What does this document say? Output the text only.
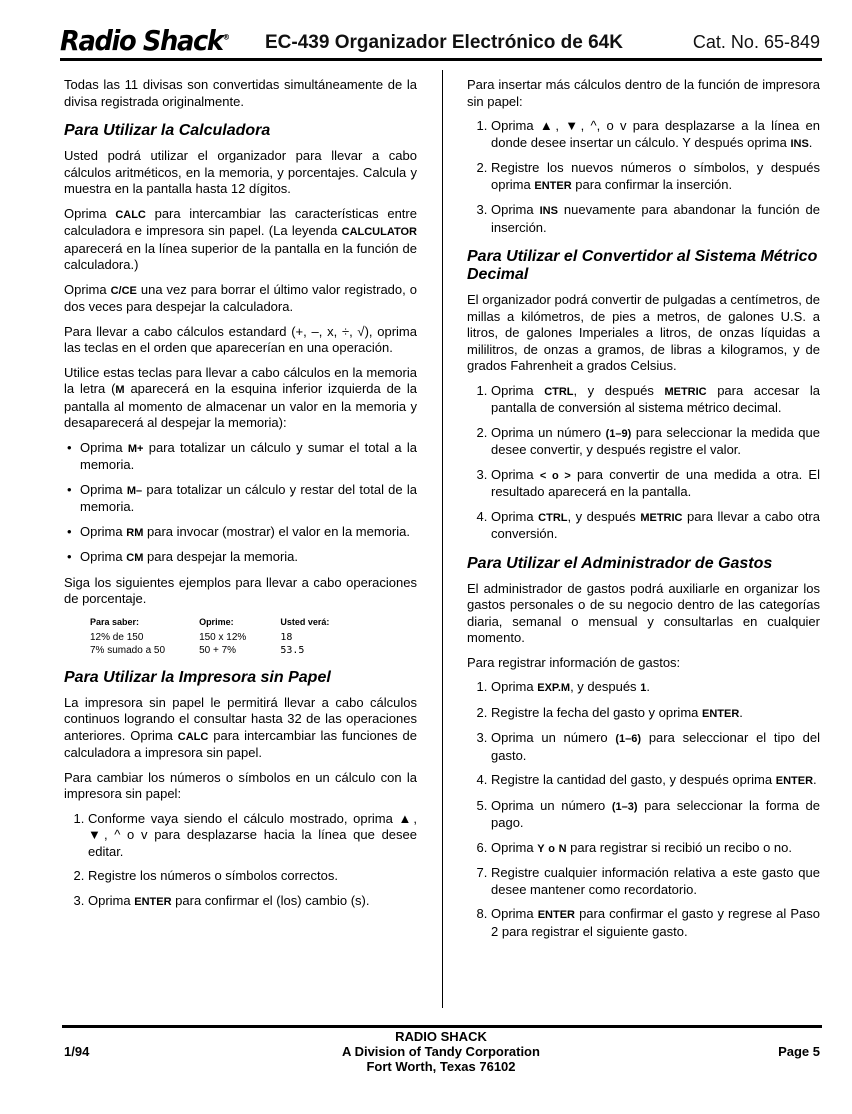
Radio Shack® EC-439 Organizador Electrónico de 64K	Cat. No. 65-849

Todas las 11 divisas son convertidas simultáneamente de la divisa registrada originalmente.

Para Utilizar la Calculadora

Usted podrá utilizar el organizador para llevar a cabo cálculos aritméticos, en la memoria, y porcentajes. Calcula y muestra en la pantalla hasta 12 dígitos.

Oprima CALC para intercambiar las características entre calculadora e impresora sin papel. (La leyenda CALCULATOR aparecerá en la línea superior de la pantalla en la función de calculadora.)

Oprima C/CE una vez para borrar el último valor registrado, o dos veces para despejar la calculadora.

Para llevar a cabo cálculos estandard (+, –, x, ÷, √), oprima las teclas en el orden que aparecerían en una operación.

Utilice estas teclas para llevar a cabo cálculos en la memoria la letra (M aparecerá en la esquina inferior izquierda de la pantalla al momento de almacenar un valor en la memoria y desaparecerá al despejar la memoria):

• Oprima M+ para totalizar un cálculo y sumar el total a la memoria.
• Oprima M– para totalizar un cálculo y restar del total de la memoria.
• Oprima RM para invocar (mostrar) el valor en la memoria.
• Oprima CM para despejar la memoria.

Siga los siguientes ejemplos para llevar a cabo operaciones de porcentaje.

Para saber:	Oprime:	Usted verá:
12% de 150	150 x 12%	18
7% sumado a 50	50 + 7%	53.5
Para Utilizar la Impresora sin Papel

La impresora sin papel le permitirá llevar a cabo cálculos continuos logrando el consultar hasta 32 de las operaciones anteriores. Oprima CALC para intercambiar las funciones de calculadora a impresora sin papel.

Para cambiar los números o símbolos en un cálculo con la impresora sin papel:

1. Conforme vaya siendo el cálculo mostrado, oprima ▲, ▼, ^ o v para desplazarse hacia la línea que desee editar.
2. Registre los números o símbolos correctos.
3. Oprima ENTER para confirmar el (los) cambio (s).

Para insertar más cálculos dentro de la función de impresora sin papel:

1. Oprima ▲, ▼, ^, o v para desplazarse a la línea en donde desee insertar un cálculo. Y después oprima INS.
2. Registre los nuevos números o símbolos, y después oprima ENTER para confirmar la inserción.
3. Oprima INS nuevamente para abandonar la función de inserción.
Para Utilizar el Convertidor al Sistema Métrico Decimal

El organizador podrá convertir de pulgadas a centímetros, de millas a kilómetros, de pies a metros, de galones U.S. a litros, de galones Imperiales a litros, de onzas líquidas a mililitros, de onzas a gramos, de libras a kilogramos, y de grados Fahrenheit a grados Celsius.

1. Oprima CTRL, y después METRIC para accesar la pantalla de conversión al sistema métrico decimal.
2. Oprima un número (1–9) para seleccionar la medida que desee convertir, y después registre el valor.
3. Oprima < o > para convertir de una medida a otra. El resultado aparecerá en la pantalla.
4. Oprima CTRL, y después METRIC para llevar a cabo otra conversión.
Para Utilizar el Administrador de Gastos

El administrador de gastos podrá auxiliarle en organizar los gastos personales o de su negocio dentro de las categorías diaria, semanal o mensual y consultarlas en cualquier momento.

Para registrar información de gastos:

1. Oprima EXP.M, y después 1.
2. Registre la fecha del gasto y oprima ENTER.
3. Oprima un número (1–6) para seleccionar el tipo del gasto.
4. Registre la cantidad del gasto, y después oprima ENTER.
5. Oprima un número (1–3) para seleccionar la forma de pago.
6. Oprima Y o N para registrar si recibió un recibo o no.
7. Registre cualquier información relativa a este gasto que desee mantener como recordatorio.
8. Oprima ENTER para confirmar el gasto y regrese al Paso 2 para registrar el siguiente gasto.
1/94
RADIO SHACK
A Division of Tandy Corporation
Fort Worth, Texas 76102
Page 5
